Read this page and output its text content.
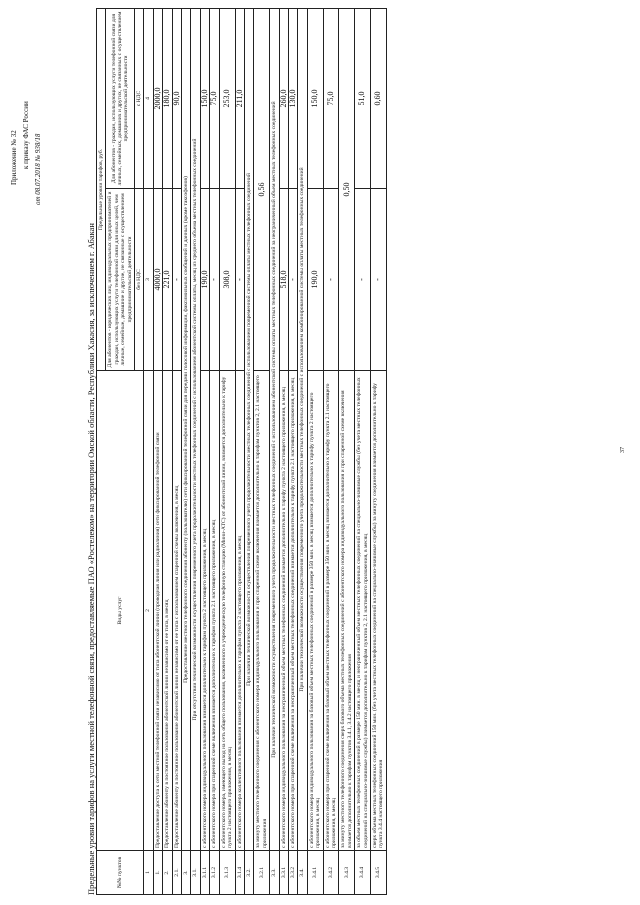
Приложение № 32 к приказу ФАС России от 08.07.2018 № 938/18
Предельные уровни тарифов на услуги местной телефонной связи, предоставляемые ПАО «Ростелеком» на территории Омской области, Республики Хакасия, за исключением г. Абакан	№№ пунктов	Виды услуг	Предельные уровни тарифов, руб.	
		Для абонентов - юридических лиц, индивидуальных предпринимателей и граждан, использующих услуги телефонной связи для иных целей, чем личные, семейные, домашние и другие, не связанные с осуществлением предпринимательской деятельности	Для абонентов - граждан, использующих услуги телефонной связи для личных, семейных, домашних и других, не связанных с осуществлением предпринимательской деятельности
		без НДС	с НДС
1	2	3	4
1.	Предоставление доступа к сети местной телефонной связи независимо от типа абонентской линии (проводная линия или радиолиния) сети фиксированной телефонной связи	4000,0	2000,0
2.	Предоставление абоненту в постоянное пользование абонентской линии независимо от ее типа, в месяц	221,0	180,0
2.1.	Предоставление абоненту в постоянное пользование абонентской линии независимо от ее типа с использованием спаренной схемы включения, в месяц	-	90,0
3.	Предоставление местного телефонного соединения абоненту (пользователю) сети фиксированной телефонной связи для передачи голосовой информации, факсимильных сообщений и данных (кроме таксофонов)		
3.1.	При отсутствии технической возможности осуществления повременного учета продолжительности местных телефонных соединений с использованием абонентской системы оплаты, месяц из среднего объема местных телефонных соединений		
3.1.1	с абонентского номера индивидуального пользования взимается дополнительно к тарифам пункта 2 настоящего приложения, в месяц	190,0	150,0
3.1.2	с абонентского номера при спаренной схеме включения взимается дополнительно к тарифам пункта 2.1 настоящего приложения, в месяц	-	75,0
3.1.3	с абонентского номера, имеющего выход на сеть общего пользования, включенного в учрежденческую телефонную станцию (Мини-АТС) от абонентской линии, взимается дополнительно к тарифу пункта 2 настоящего приложения, в месяц	308,0	253,0
3.1.4	с абонентского номера коллективного пользования взимается дополнительно к тарифам пункта 2 настоящего приложения, в месяц	-	211,0
3.2.	При наличии технической возможности осуществления повременного учета продолжительности местных телефонных соединений с использованием повременной системы оплаты местных телефонных соединений		
3.2.1	за минуту местного телефонного соединения с абонентского номера индивидуального пользования и при спаренной схеме включения взимается дополнительно к тарифам пунктов 2, 2.1 настоящего приложения	0,56	
3.3.	При наличии технической возможности осуществления повременного учета продолжительности местных телефонных соединений с использованием абонентской системы оплаты местных телефонных соединений за неограниченный объем местных телефонных соединений		
3.3.1	с абонентского номера индивидуального пользования за неограниченный объем местных телефонных соединений взимается дополнительно к тарифу пункта 2 настоящего приложения, в месяц	518,0	260,0
3.3.2	с абонентского номера при спаренной схеме включения за неограниченный объем местных телефонных соединений взимается дополнительно к тарифу пункта 2.1 настоящего приложения, в месяц	-	130,0
3.4.	При наличии технической возможности осуществления повременного учета продолжительности местных телефонных соединений с использованием комбинированной системы оплаты местных телефонных соединений		
3.4.1	с абонентского номера индивидуального пользования за базовый объем местных телефонных соединений в размере 350 мин. в месяц взимается дополнительно к тарифу пункта 2 настоящего приложения, в месяц	190,0	150,0
3.4.2	с абонентского номера при спаренной схеме включения за базовый объем местных телефонных соединений в размере 350 мин. в месяц взимается дополнительно к тарифу пункта 2.1 настоящего приложения, в месяц	-	75,0
3.4.3	за минуту местного телефонного соединения сверх базового объема местных телефонных соединений с абонентского номера индивидуального пользования и при спаренной схеме включения взимается дополнительно к тарифам пунктов 3.4.1, 3.4.2 настоящего приложения	0,50	
3.4.4	за объем местных телефонных соединений в размере 150 мин. в месяц и неограниченный объем местных телефонных соединений на специально-значимые службы (без учета местных телефонных соединений на специально-значимые службы) взимается дополнительно к тарифам пунктов 2, 2.1 настоящего приложения, в месяц	-	51,0
3.4.5	сверх объема местных телефонных соединений 150 мин. (без учета местных телефонных соединений на специально-значимые службы) за минуту соединения взимается дополнительно к тарифу пункта 3.4.4 настоящего приложения	-	0,60
37
